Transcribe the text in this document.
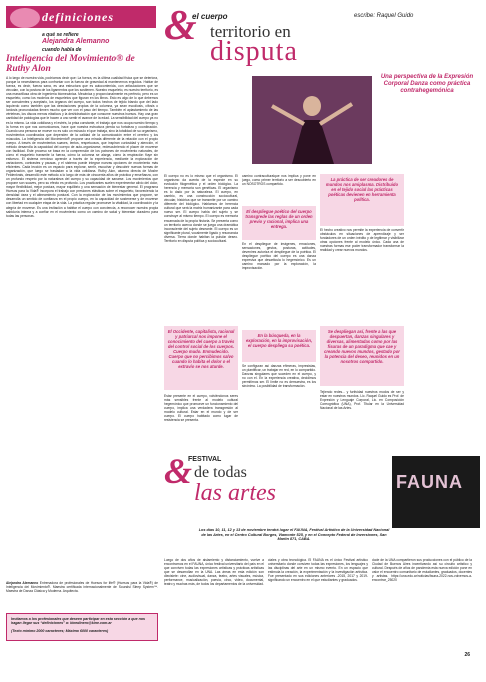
definiciones
a qué se refiere
Alejandra Alemanno
cuando habla de
Inteligencia del Movimiento® de Ruthy Alon
A lo largo de nuestra vida, podríamos decir que: La fuerza, es la última cualidad física que se deteriora, porque la necesitamos para confrontar con la fuerza de gravedad al mantenernos erguidos. Hablar de fuerza, es decir, fuerza sana, es una estructura que es autocontenida, con articulaciones que se vinculan, con la postura de los ligamentos que los sostienen. Nuestro esqueleto, es nuestro territorio, es una maravillosa obra de ingeniería biomecánica. Mecánica y proporcionalmente es perfecto, pero es un esqueleto, como los modelos de esqueletos que figuran en los libros. Esto es algo de lo que debemos ser conscientes y aceptarlo, los órganos del cuerpo, son todos hechos de tejido blando que del lado izquierdo como también que las desviaciones propias de la columna, ya sean escoliosis, cifosis o lordosis pronunciadas tienen mucho que ver con el paso del tiempo. También el aplastamiento de las vértebras, los discos menos elásticos y la deshidratación que consume nuestros huesos. Hay una gran cantidad de patologías que le hacen a uno sentir el avance de la edad. La sensibilidad del cuerpo ya no es la misma. La vida cotidiana y el estrés, la prisa constante, el trabajo que nos ocupa nuestro tiempo y la forma en que nos comunicamos, hace que nuestra estructura pierda su fortaleza y coordinación. Cuando una persona se mueve no es solo un músculo el que trabaja, sino la totalidad de su organismo, movimientos coordinados que dependen de la calidad de la comunicación entre el cerebro y los músculos. La Inteligencia del Movimiento® propone una mirada diferente de la relación con el propio cuerpo. A través de movimientos suaves, lentos, respetuosos, que inspiran curiosidad y atención, el método desarrolla la capacidad del cuerpo de auto-organizarse, redescubriendo el placer de moverse con facilidad. Este proceso se basa en la comprensión de los patrones de movimiento naturales, de cómo el esqueleto transmite la fuerza, cómo la columna se alarga, cómo la respiración fluye sin esfuerzo. El sistema nervioso aprende a través de la experiencia, mediante la exploración de variaciones, contrastes y pausas, y el sistema puede integrar nuevas opciones de movimiento más eficientes. Cada lección es un espacio para explorar, sentir, escuchar y descubrir nuevas formas de organización, que luego se trasladan a la vida cotidiana. Ruthy Alon, alumna directa de Moshe Feldenkrais, desarrolló este método a lo largo de más de cincuenta años de práctica y enseñanza, con un profundo respeto por la naturaleza del cuerpo y su capacidad de sanarse. Los movimientos que propone son suaves, pero su efecto es profundo. Los practicantes suelen experimentar alivio del dolor, mayor flexibilidad, mejor postura, mayor equilibrio y una sensación de bienestar general. El programa Huesos para la Vida® incorpora el trabajo con presiones elásticas sobre el esqueleto, favoreciendo la densidad ósea y el alineamiento postural. Con la exploración de los movimientos que propone, se desarrolla un sentido de confianza en el propio cuerpo, en la capacidad de sostenerse y de moverse con libertad en cualquier etapa de la vida. La práctica regular promueve la vitalidad, la coordinación y la alegría de moverse. Es una invitación a habitar el cuerpo con conciencia, a reconocer nuestra propia sabiduría interna y a confiar en el movimiento como un camino de salud y bienestar duradero para todas las personas.
Alejandra Alemanno Entrenadora de profesionales de Huesos for life® (Huesos para la Vida®) de Inteligencia del Movimiento®. Maestra certificada internacionalmente de Soundsl Sleep System™. Maestra de Danza Clásica y Moderna. Arquitecta.
Invitamos a los profesionales que deseen participar en esta sección a que nos hagan llegar sus “definiciones” a: kinedinero@kine.com.ar
(Texto mínimo 2000 caracteres; Máximo 6000 caracteres)
&
el cuerpo	escribe: Raquel Guido
territorio en
disputa
Una perspectiva de la Expresión Corporal Danza como práctica contrahegemónica
El cuerpo no es lo mismo que el organismo. El organismo da cuenta de la especie en su evolución filogenética y el orden biológico. La herencia y memoria son genéticas. El organismo es lo dado por la naturaleza. El cuerpo, en cambio, es una construcción sociocultural, vincular, histórica que se transmite por un camino diferente del biológico. Hablamos de herencia cultural que será la matriz humanizante para cada nuevo ser. El cuerpo habla del sujeto y se construye al mismo tiempo. El cuerpo es memoria encarnada de la propia historia. Se presenta como un territorio acerca donde se juega una dramática inconsciente del sujeto deseante. El cuerpo es un significante plural, vocalmente ligado y resonancia diversa. Tierra donde habitan la pulsión deseo. Territorio en disputa política y sociocultural.
El Occidente, capitalista, racional y patriarcal nos impone el conocimiento del cuerpo a través del control social de los cuerpos. Cuerpo mudo. Enmudecido. Cuerpo que no percibimos salvo cuando lo habita el dolor o el extravío se nos aturde.
Estar presente en el cuerpo, volviéndonos seres más sensibles frente al modelo cultural hegemónico que promueve un funcionamiento del cuerpo, implica una verdadera transgresión al modelo cultural. Estar en el mundo y de ser cuerpo. El cuerpo habitado como lugar de resistencia se presenta.
camino contraculturalque nos implica y pone en juego, como primer territorio a ser descubierto en un NOSOTROS compartido.
El despliegue poético del cuerpo transgrede las reglas de un orden previo y racional, implica una entrega.
En el despliegue de imágenes, emociones, sensaciones, gestos, posturas, actitudes, devenires autoriza el despliegue de la poética. El despliegue poético del cuerpo es una danza expresiva que desarticula lo hegemónico. Es un camino marcado por la exploración, la improvisación.
En la búsqueda, en la exploración, en la improvisación, el cuerpo despliega su poética.
Se configuran así danzas efímeras, impresistas, un plantificar, un trabajar en red, en lo compartido. Danzas singulares que suceden en el cuerpo, y no con el. En la experiencia creativa, decidimos permitirnos ser. El límite no es demuestra, es los sinónimo. La posibilidad de transformación.
La práctica de ser creadores de mundos nos amiplasma. Distribuido en el tejido social las prácticas poéticas devienen en herramienta política.
El hecho creativo nos permite la experiencia de convertir obstáculos en situaciones de aprendizaje y ser fundadores de un orden inédito y de legitimar y visibilizar otras opciones frente al modelo único. Cada una de nuestras formas ese poder transformador transformar la realidad y crear nuevos mundos.
Se despliegan así, frente a las que despuertan, danzas singulares y diversas, alimentadas como por las fisuras de un paradigma que cae y creando nuevos mundos, gestado por la potencia del deseo, reunidos en un nosotros compartido.
Tejiendo redes... y furtividad nuestros modos de ser y estar en nuestros mundos. Lic. Raquel Guido es Prof. de Expresión y Lenguaje Corporal, Lic. en Composición Coreográfica (UNA), Prof. Titular en la Universidad Nacional de las Artes.
&
FESTIVAL
de todas
las artes	FAUNA
Los días 10, 11, 12 y 13 de noviembre tendrá lugar el FAUNA, Festival Artístico de la Universidad Nacional de las Artes, en el Centro Cultural Borges, Viamonte 525, y en el Concepto Federal de Inversiones, San Martín 871, CABA.
Luego de dos años de aislamiento y distanciamiento, vuelve a encontrarnos en el FAUNA, único festival universitario del país en el que conviven todas las expresiones artísticas y prácticas artísticas que se desarrollan en la UNA. Las áreas en esta edición son diecisiete: cine, audiovisual, danza, teatro, artes visuales, música, performance, musicalización, poesía, circo, video, documental, teatro y muchas más, de todos los departamentos de la universidad.
ciales y obra tecnológica. El FAUNA es el único Festival artístico universitario donde conviven todas las expresiones, los lenguajes y las disciplinas del arte en un mismo evento. En un espacio que estimula la creación, la experimentación y la investigación artística. Fue presentado en sus ediciones anteriores -2015, 2017 y 2019- significando un encuentro en el que estudiantes y graduados.
dode de la UNA compartieron sus producciones con el público de la Ciudad de Buenos Aires incentivando así su circuito artístico y cultural. Después de años de pandemia esta nueva edición pone en valor el encuentro comunitario de estudiantes, graduados, docentes y artistas. https://una.edu.ar/noticias/fauna-2022-nos-volvemos-a-encontrar_25020
26
